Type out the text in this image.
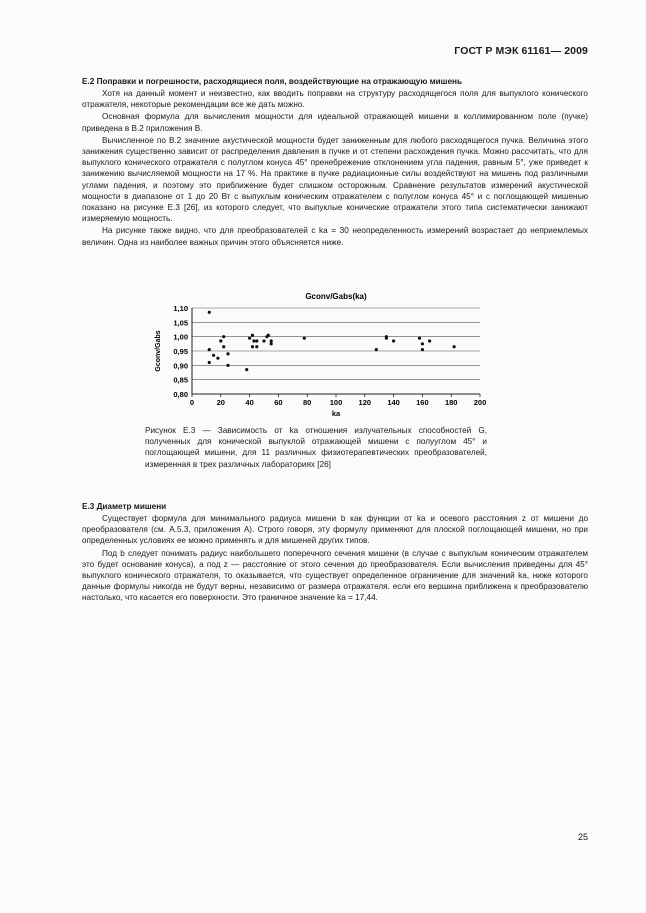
ГОСТ Р МЭК 61161— 2009
Е.2 Поправки и погрешности, расходящиеся поля, воздействующие на отражающую мишень

Хотя на данный момент и неизвестно, как вводить поправки на структуру расходящегося поля для выпуклого конического отражателя, некоторые рекомендации все же дать можно.

Основная формула для вычисления мощности для идеальной отражающей мишени в коллимированном поле (пучке) приведена в В.2 приложения В.

Вычисленное по В.2 значение акустической мощности будет заниженным для любого расходящегося пучка. Величина этого занижения существенно зависит от распределения давления в пучке и от степени расхождения пучка. Можно рассчитать, что для выпуклого конического отражателя с полуглом конуса 45° пренебрежение отклонением угла падения, равным 5°, уже приведет к занижению вычисляемой мощности на 17 %. На практике в пучке радиационные силы воздействуют на мишень под различными углами падения, и поэтому это приближение будет слишком осторожным. Сравнение результатов измерений акустической мощности в диапазоне от 1 до 20 Вт с выпуклым коническим отражателем с полуглом конуса 45° и с поглощающей мишенью показано на рисунке Е.3 [26], из которого следует, что выпуклые конические отражатели этого типа систематически занижают измеряемую мощность.

На рисунке также видно, что для преобразователей с ka = 30 неопределенность измерений возрастает до неприемлемых величин. Одна из наиболее важных причин этого объясняется ниже.

Gconv/Gabs(ka)
0,80
0,85
0,90
0,95
1,00
1,05
1,10
0	20	40	60	80 100 120 140 160 180 200
ka
Gconv/Gabs
Рисунок Е.3 — Зависимость от ka отношения излучательных способностей G, полученных для конической выпуклой отражающей мишени с полууглом 45° и поглощающей мишени, для 11 различных физиотерапевтических преобразователей, измеренная в трех различных лабораториях [26]
Е.3 Диаметр мишени

Существует формула для минимального радиуса мишени b как функции от ka и осевого расстояния z от мишени до преобразователя (см. А.5.3, приложения А). Строго говоря, эту формулу применяют для плоской поглощающей мишени, но при определенных условиях ее можно применять и для мишеней других типов.

Под b следует понимать радиус наибольшего поперечного сечения мишени (в случае с выпуклым коническим отражателем это будет основание конуса), а под z — расстояние от этого сечения до преобразователя. Если вычисления приведены для 45° выпуклого конического отражателя, то оказывается, что существует определенное ограничение для значений ka, ниже которого данные формулы никогда не будут верны, независимо от размера отражателя. если его вершина приближена к преобразователю настолько, что касается его поверхности. Это граничное значение ka = 17,44.

25
